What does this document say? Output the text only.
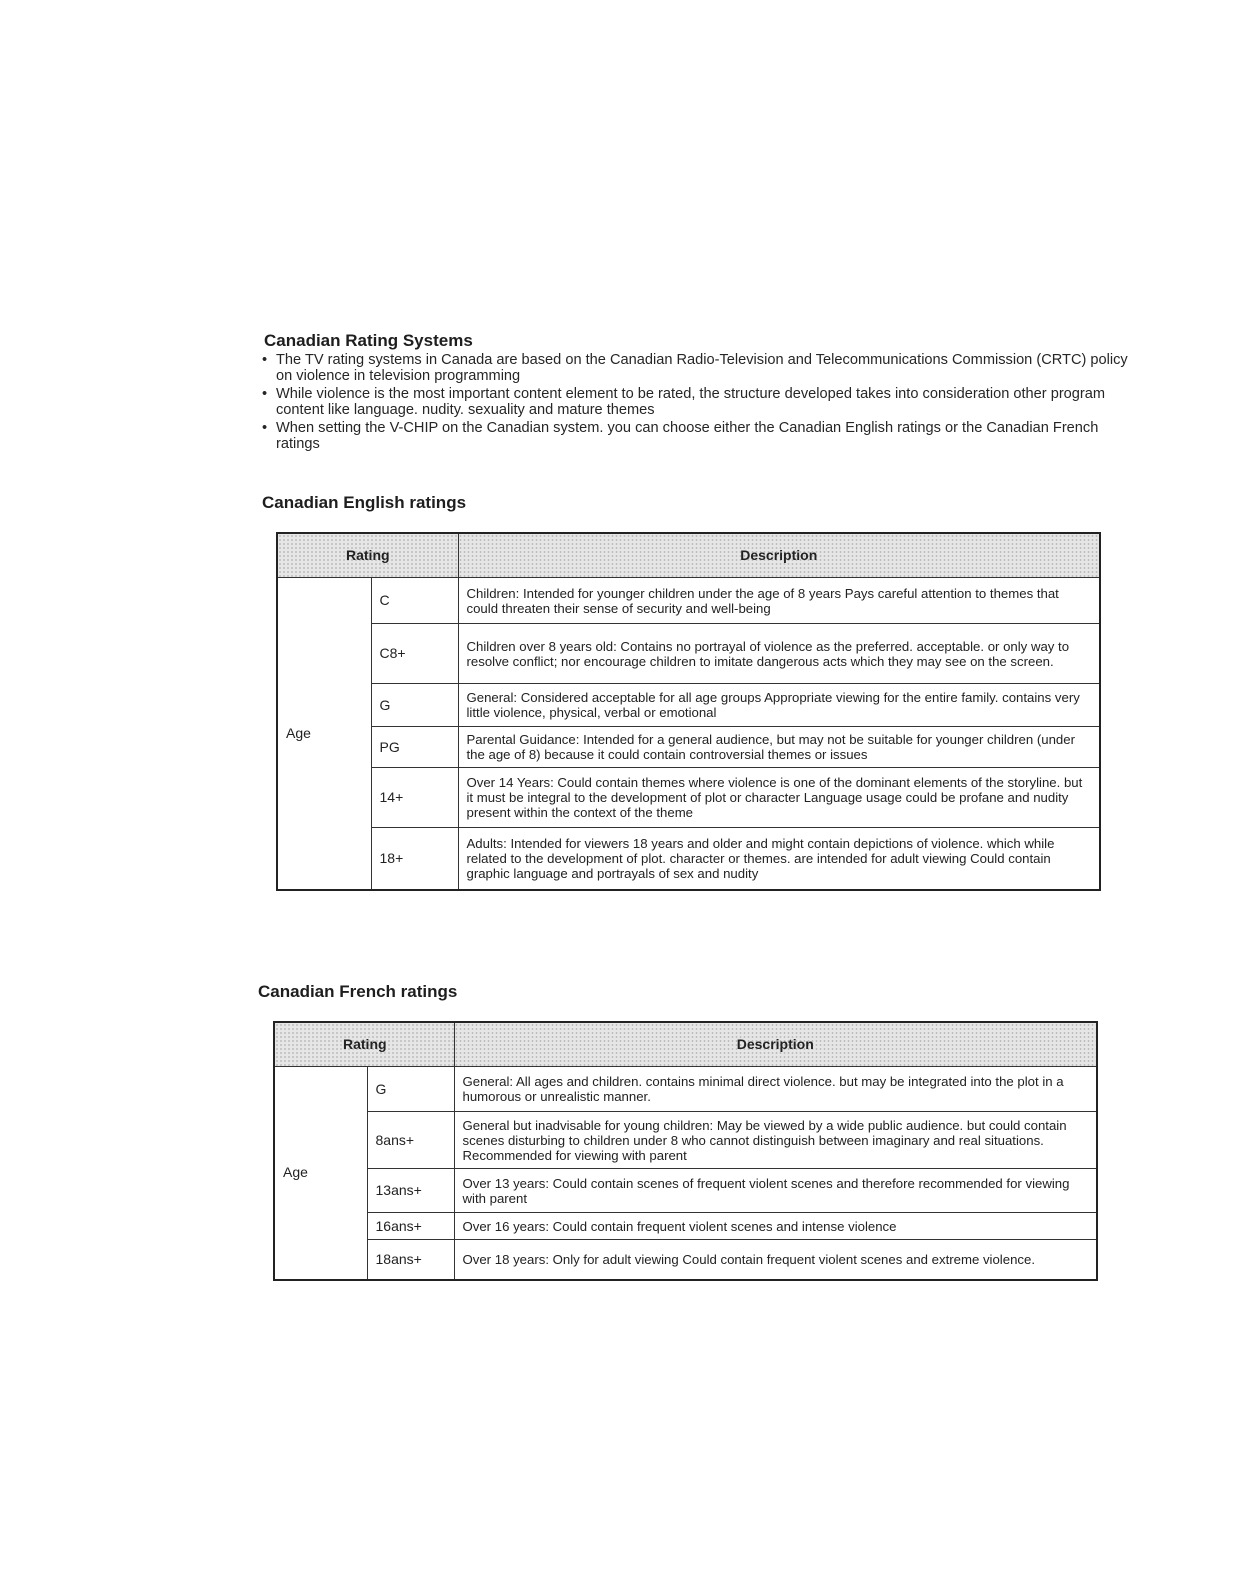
Canadian Rating Systems
• The TV rating systems in Canada are based on the Canadian Radio-Television and Telecommunications Commission (CRTC) policy on violence in television programming
• While violence is the most important content element to be rated, the structure developed takes into consideration other program content like language. nudity. sexuality and mature themes
• When setting the V-CHIP on the Canadian system. you can choose either the Canadian English ratings or the Canadian French ratings
Canadian English ratings
Rating		Description
Age	C	Children: Intended for younger children under the age of 8 years Pays careful attention to themes that could threaten their sense of security and well-being
	C8+	Children over 8 years old: Contains no portrayal of violence as the preferred. acceptable. or only way to resolve conflict; nor encourage children to imitate dangerous acts which they may see on the screen.
	G	General: Considered acceptable for all age groups Appropriate viewing for the entire family. contains very little violence, physical, verbal or emotional
	PG	Parental Guidance: Intended for a general audience, but may not be suitable for younger children (under the age of 8) because it could contain controversial themes or issues
	14+	Over 14 Years: Could contain themes where violence is one of the dominant elements of the storyline. but it must be integral to the development of plot or character Language usage could be profane and nudity present within the context of the theme
	18+	Adults: Intended for viewers 18 years and older and might contain depictions of violence. which while related to the development of plot. character or themes. are intended for adult viewing Could contain graphic language and portrayals of sex and nudity
Canadian French ratings
Rating		Description
Age	G	General: All ages and children. contains minimal direct violence. but may be integrated into the plot in a humorous or unrealistic manner.
	8ans+	General but inadvisable for young children: May be viewed by a wide public audience. but could contain scenes disturbing to children under 8 who cannot distinguish between imaginary and real situations. Recommended for viewing with parent
	13ans+	Over 13 years: Could contain scenes of frequent violent scenes and therefore recommended for viewing with parent
	16ans+	Over 16 years: Could contain frequent violent scenes and intense violence
	18ans+	Over 18 years: Only for adult viewing Could contain frequent violent scenes and extreme violence.
